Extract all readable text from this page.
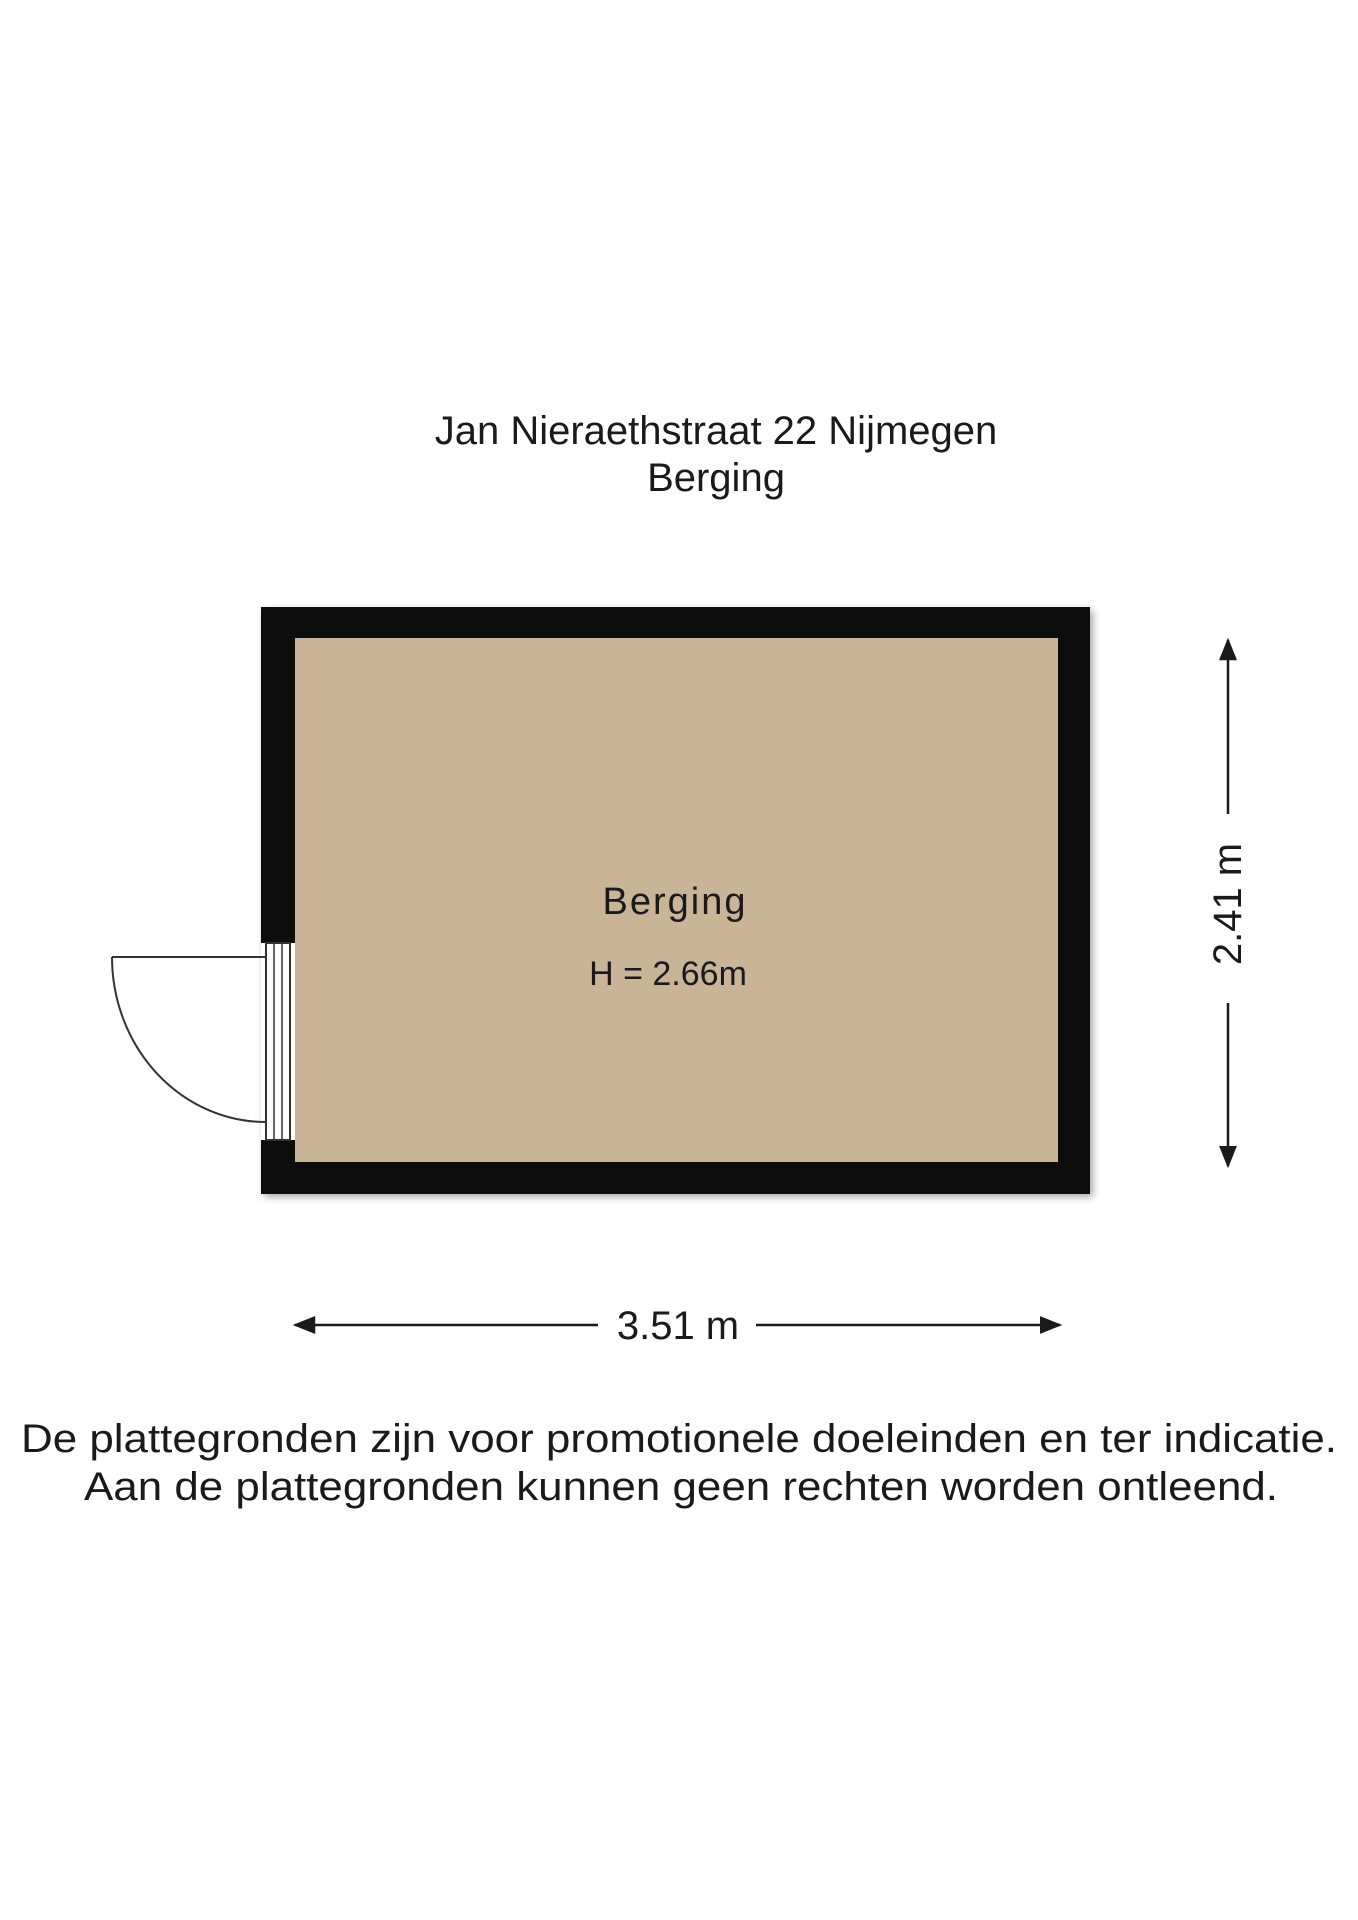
Jan Nieraethstraat 22 Nijmegen
Berging
Berging
H = 2.66m
2.41 m
3.51 m
De plattegronden zijn voor promotionele doeleinden en ter indicatie.
Aan de plattegronden kunnen geen rechten worden ontleend.
